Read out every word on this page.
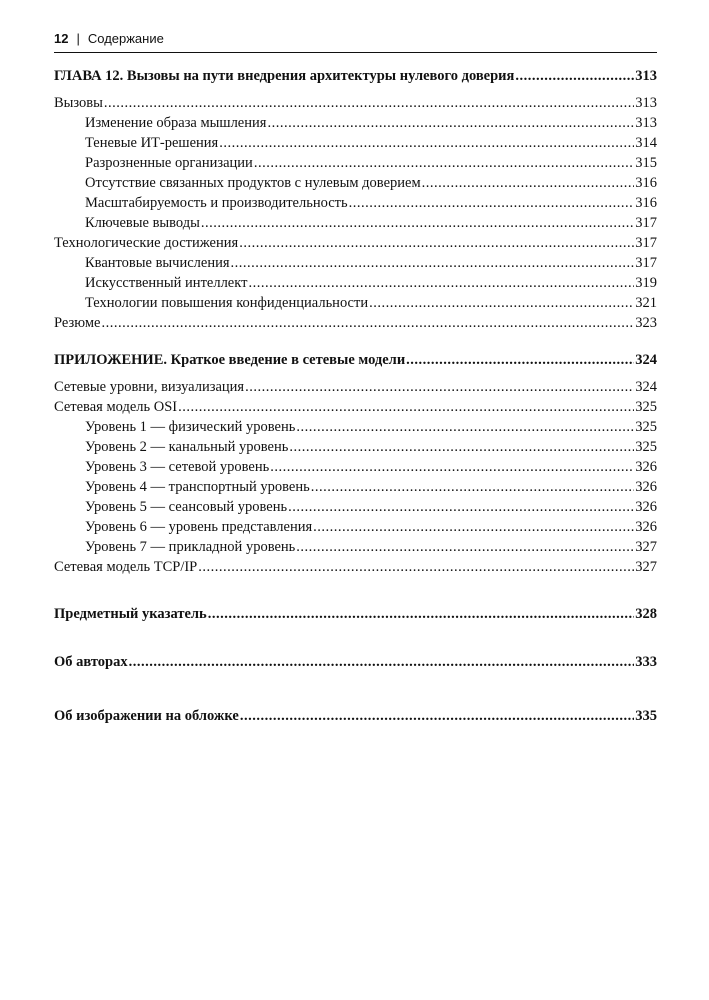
12 | Содержание
ГЛАВА 12. Вызовы на пути внедрения архитектуры нулевого доверия .....	313
Вызовы .....	313
Изменение образа мышления .....	313
Теневые ИТ-решения .....	314
Разрозненные организации .....	315
Отсутствие связанных продуктов с нулевым доверием .....	316
Масштабируемость и производительность .....	316
Ключевые выводы .....	317
Технологические достижения .....	317
Квантовые вычисления .....	317
Искусственный интеллект .....	319
Технологии повышения конфиденциальности .....	321
Резюме .....	323
ПРИЛОЖЕНИЕ. Краткое введение в сетевые модели .....	324
Сетевые уровни, визуализация .....	324
Сетевая модель OSI .....	325
Уровень 1 — физический уровень .....	325
Уровень 2 — канальный уровень .....	325
Уровень 3 — сетевой уровень .....	326
Уровень 4 — транспортный уровень .....	326
Уровень 5 — сеансовый уровень .....	326
Уровень 6 — уровень представления .....	326
Уровень 7 — прикладной уровень .....	327
Сетевая модель TCP/IP .....	327
Предметный указатель .....	328
Об авторах .....	333
Об изображении на обложке .....	335
